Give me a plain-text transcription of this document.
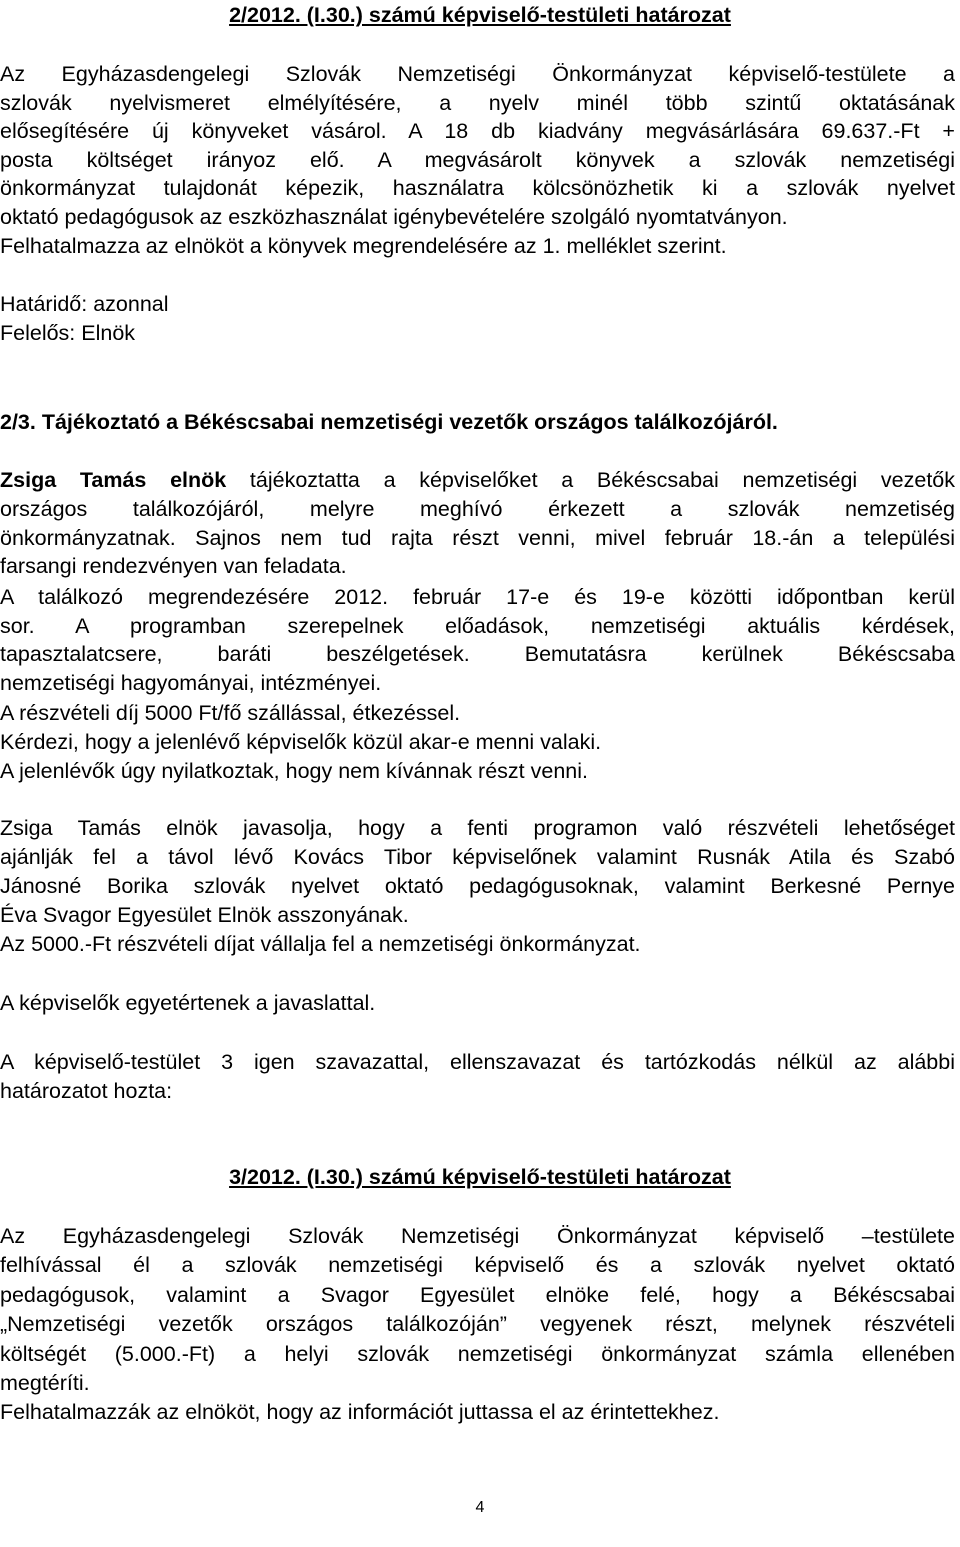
2/2012. (I.30.) számú képviselő-testületi határozat
Az Egyházasdengelegi Szlovák Nemzetiségi Önkormányzat képviselő-testülete a
szlovák nyelvismeret elmélyítésére, a nyelv minél több szintű oktatásának
elősegítésére új könyveket vásárol. A 18 db kiadvány megvásárlására 69.637.-Ft +
posta költséget irányoz elő. A megvásárolt könyvek a szlovák nemzetiségi
önkormányzat tulajdonát képezik, használatra kölcsönözhetik ki a szlovák nyelvet
oktató pedagógusok az eszközhasználat igénybevételére szolgáló nyomtatványon.
Felhatalmazza az elnököt a könyvek megrendelésére az 1. melléklet szerint.
Határidő: azonnal
Felelős: Elnök
2/3. Tájékoztató a Békéscsabai nemzetiségi vezetők országos találkozójáról.
Zsiga Tamás elnök tájékoztatta a képviselőket a Békéscsabai nemzetiségi vezetők
országos találkozójáról, melyre meghívó érkezett a szlovák nemzetiség
önkormányzatnak. Sajnos nem tud rajta részt venni, mivel február 18.-án a települési
farsangi rendezvényen van feladata.
A találkozó megrendezésére 2012. február 17-e és 19-e közötti időpontban kerül
sor. A programban szerepelnek előadások, nemzetiségi aktuális kérdések,
tapasztalatcsere, baráti beszélgetések. Bemutatásra kerülnek Békéscsaba
nemzetiségi hagyományai, intézményei.
A részvételi díj 5000 Ft/fő szállással, étkezéssel.
Kérdezi, hogy a jelenlévő képviselők közül akar-e menni valaki.
A jelenlévők úgy nyilatkoztak, hogy nem kívánnak részt venni.
Zsiga Tamás elnök javasolja, hogy a fenti programon való részvételi lehetőséget
ajánlják fel a távol lévő Kovács Tibor képviselőnek valamint Rusnák Atila és Szabó
Jánosné Borika szlovák nyelvet oktató pedagógusoknak, valamint Berkesné Pernye
Éva Svagor Egyesület Elnök asszonyának.
Az 5000.-Ft részvételi díjat vállalja fel a nemzetiségi önkormányzat.
A képviselők egyetértenek a javaslattal.
A képviselő-testület 3 igen szavazattal, ellenszavazat és tartózkodás nélkül az alábbi
határozatot hozta:
3/2012. (I.30.) számú képviselő-testületi határozat
Az Egyházasdengelegi Szlovák Nemzetiségi Önkormányzat képviselő –testülete
felhívással él a szlovák nemzetiségi képviselő és a szlovák nyelvet oktató
pedagógusok, valamint a Svagor Egyesület elnöke felé, hogy a Békéscsabai
„Nemzetiségi vezetők országos találkozóján” vegyenek részt, melynek részvételi
költségét (5.000.-Ft) a helyi szlovák nemzetiségi önkormányzat számla ellenében
megtéríti.
Felhatalmazzák az elnököt, hogy az információt juttassa el az érintettekhez.
4
